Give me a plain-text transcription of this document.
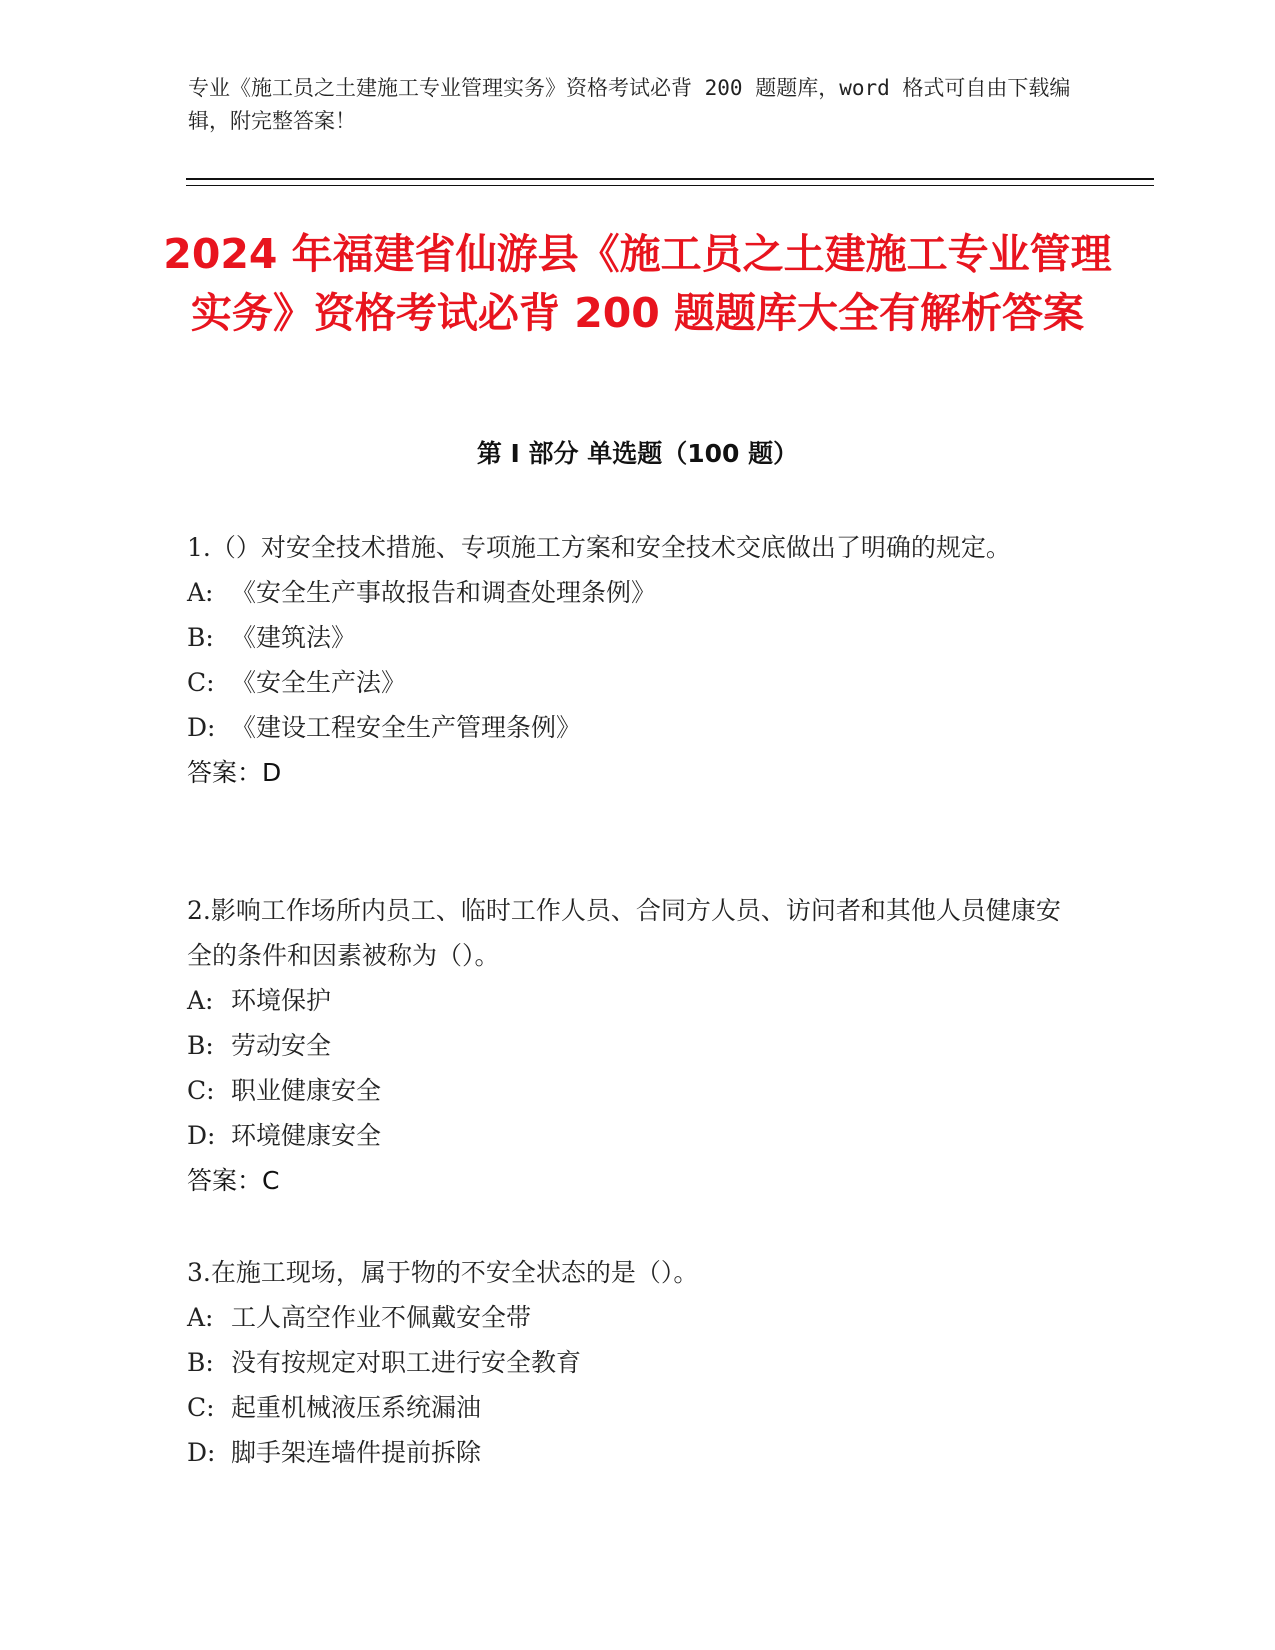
专业《施工员之土建施工专业管理实务》资格考试必背 200 题题库，word 格式可自由下载编辑，附完整答案！
2024 年福建省仙游县《施工员之土建施工专业管理实务》资格考试必背 200 题题库大全有解析答案
第 I 部分 单选题（100 题）
1.（）对安全技术措施、专项施工方案和安全技术交底做出了明确的规定。
A: 《安全生产事故报告和调查处理条例》
B: 《建筑法》
C: 《安全生产法》
D: 《建设工程安全生产管理条例》
答案：D
2.影响工作场所内员工、临时工作人员、合同方人员、访问者和其他人员健康安全的条件和因素被称为（）。
A: 环境保护
B: 劳动安全
C: 职业健康安全
D: 环境健康安全
答案：C
3.在施工现场，属于物的不安全状态的是（）。
A: 工人高空作业不佩戴安全带
B: 没有按规定对职工进行安全教育
C: 起重机械液压系统漏油
D: 脚手架连墙件提前拆除
